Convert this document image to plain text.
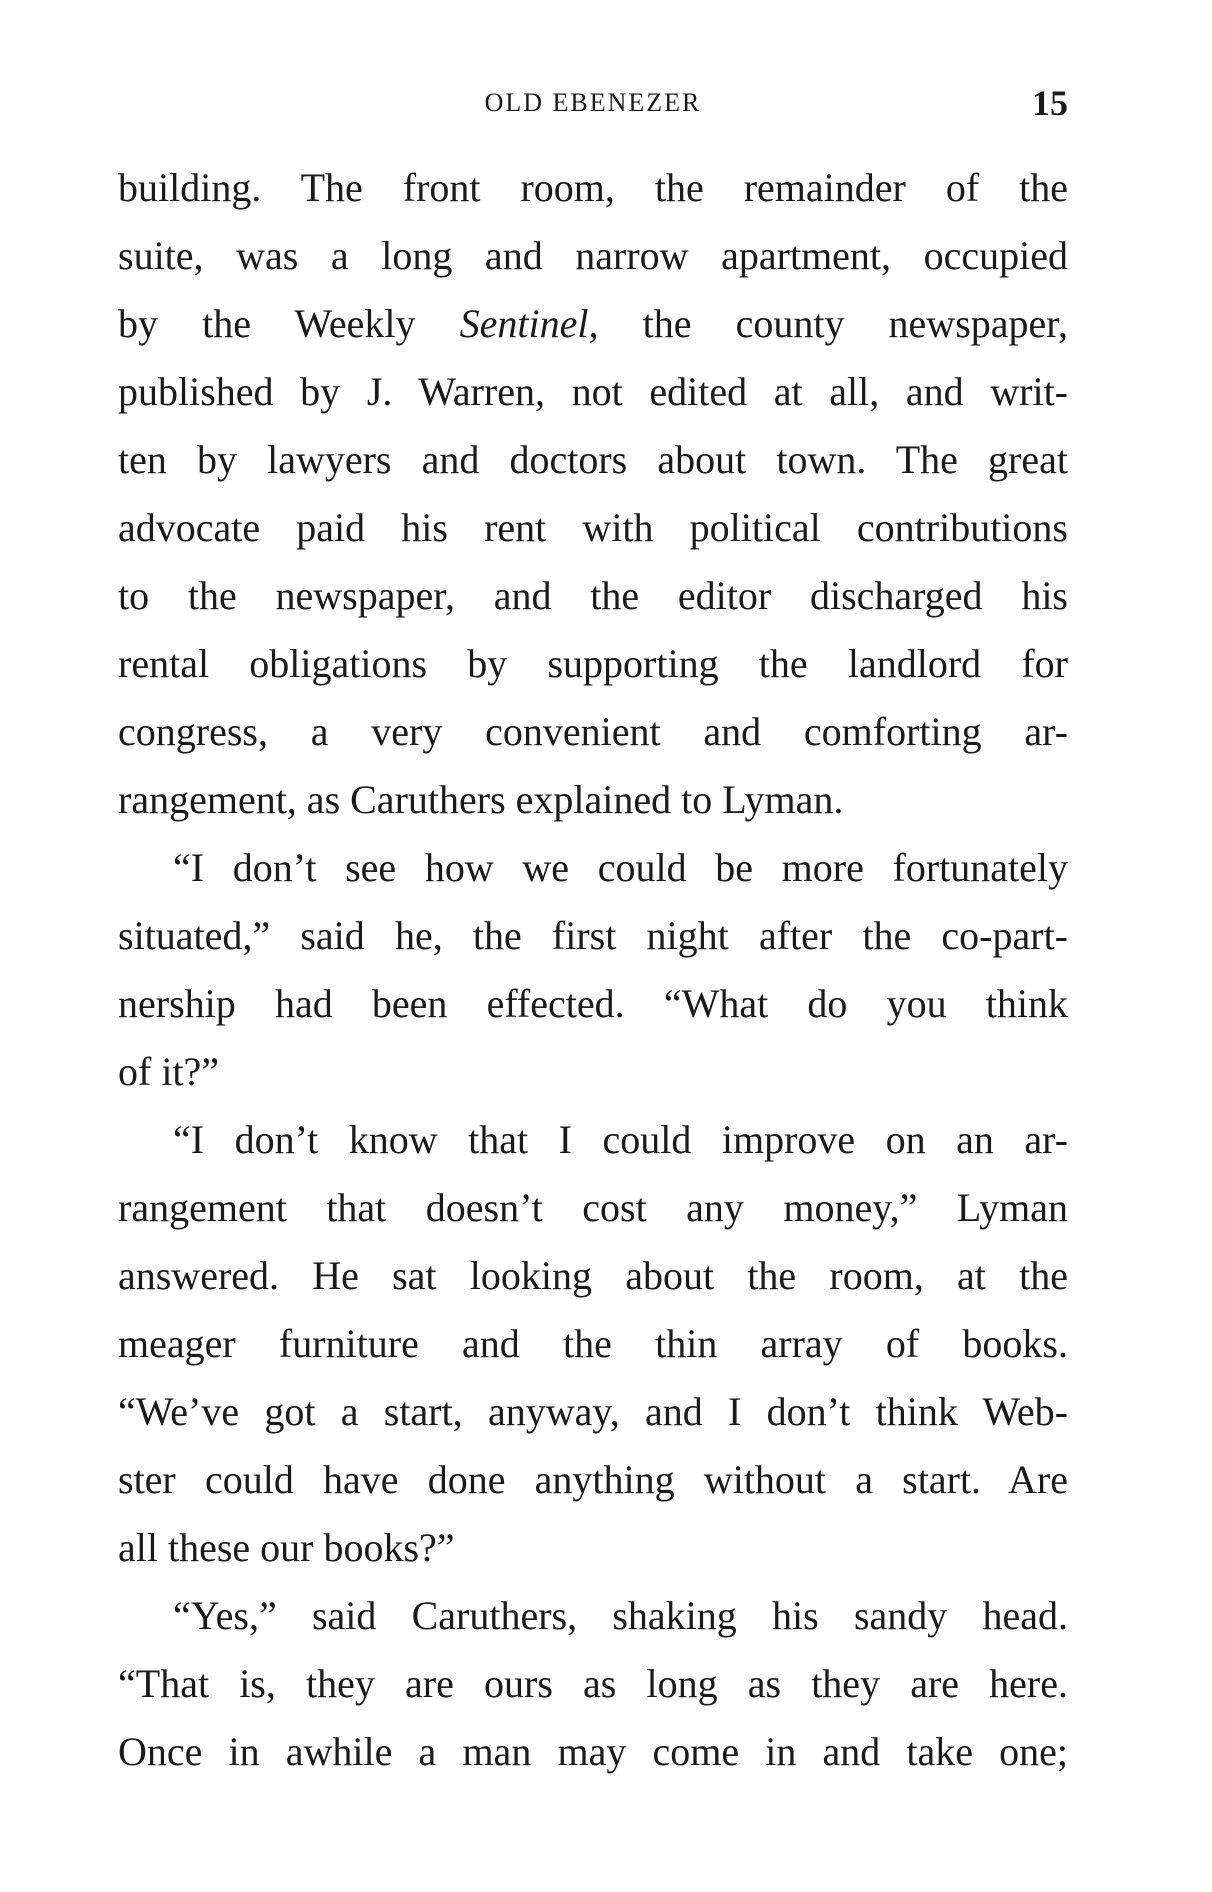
OLD EBENEZER	15
building. The front room, the remainder of the
suite, was a long and narrow apartment, occupied
by the Weekly Sentinel, the county newspaper,
published by J. Warren, not edited at all, and writ-
ten by lawyers and doctors about town. The great
advocate paid his rent with political contributions
to the newspaper, and the editor discharged his
rental obligations by supporting the landlord for
congress, a very convenient and comforting ar-
rangement, as Caruthers explained to Lyman.
“I don’t see how we could be more fortunately
situated,” said he, the first night after the co-part-
nership had been effected. “What do you think
of it?”
“I don’t know that I could improve on an ar-
rangement that doesn’t cost any money,” Lyman
answered. He sat looking about the room, at the
meager furniture and the thin array of books.
“We’ve got a start, anyway, and I don’t think Web-
ster could have done anything without a start. Are
all these our books?”
“Yes,” said Caruthers, shaking his sandy head.
“That is, they are ours as long as they are here.
Once in awhile a man may come in and take one;
